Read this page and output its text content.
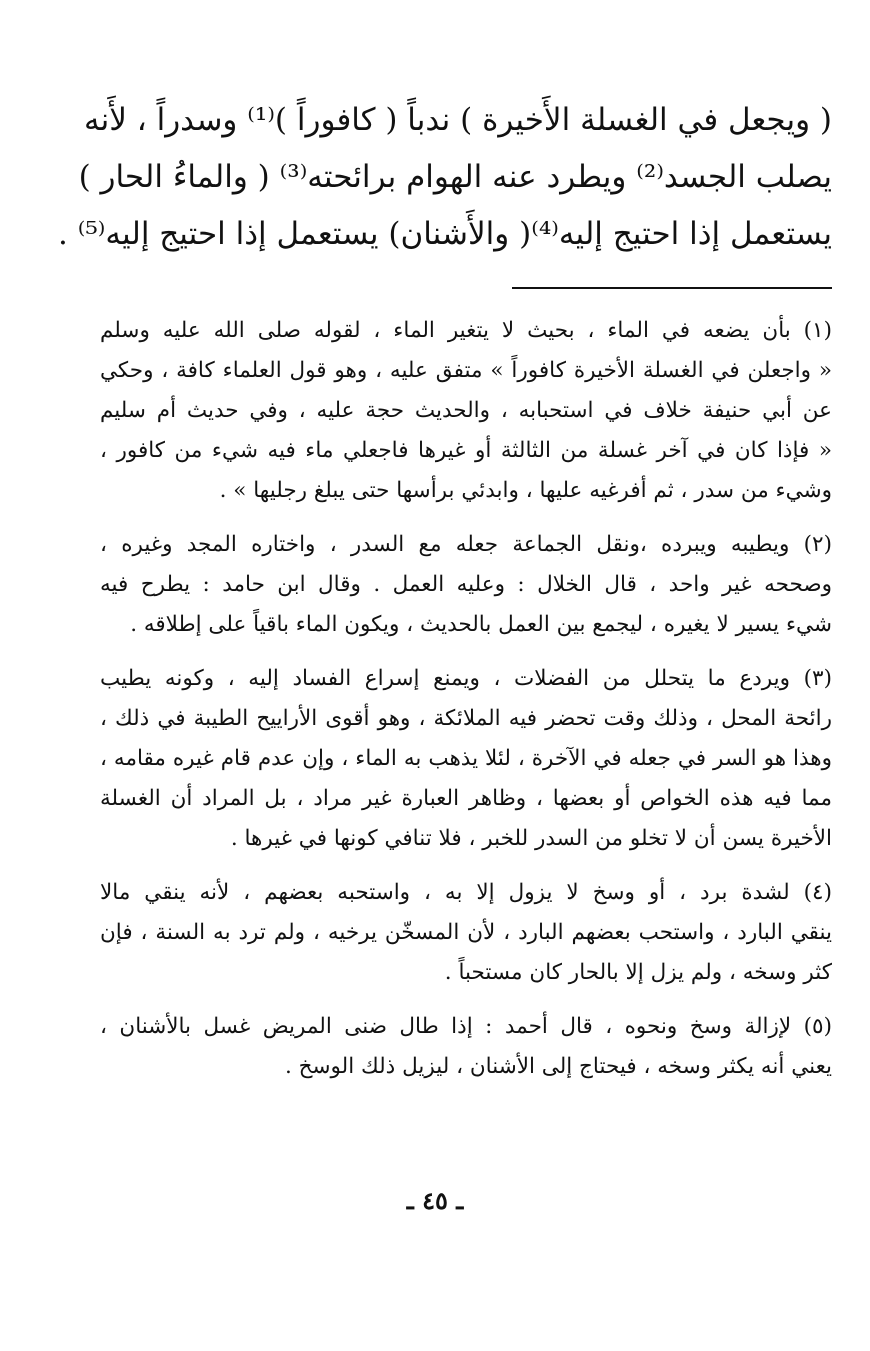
( ويجعل في الغسلة الأَخيرة ) ندباً ( كافوراً )⁽¹⁾ وسدراً ، لأَنه
يصلب الجسد⁽²⁾ ويطرد عنه الهوام برائحته⁽³⁾ ( والماءُ الحار )
يستعمل إذا احتيج إليه⁽⁴⁾( والأَشنان) يستعمل إذا احتيج إليه⁽⁵⁾ .
(١) بأن يضعه في الماء ، بحيث لا يتغير الماء ، لقوله صلى الله عليه وسلم
« واجعلن في الغسلة الأخيرة كافوراً » متفق عليه ، وهو قول العلماء كافة ، وحكي
عن أبي حنيفة خلاف في استحبابه ، والحديث حجة عليه ، وفي حديث أم سليم
« فإذا كان في آخر غسلة من الثالثة أو غيرها فاجعلي ماء فيه شيء من كافور ،
وشيء من سدر ، ثم أفرغيه عليها ، وابدئي برأسها حتى يبلغ رجليها » .
(٢) ويطيبه ويبرده ،ونقل الجماعة جعله مع السدر ، واختاره المجد وغيره ،
وصححه غير واحد ، قال الخلال : وعليه العمل . وقال ابن حامد : يطرح فيه
شيء يسير لا يغيره ، ليجمع بين العمل بالحديث ، ويكون الماء باقياً على إطلاقه .
(٣) ويردع ما يتحلل من الفضلات ، ويمنع إسراع الفساد إليه ، وكونه يطيب
رائحة المحل ، وذلك وقت تحضر فيه الملائكة ، وهو أقوى الأراييح الطيبة في ذلك ،
وهذا هو السر في جعله في الآخرة ، لئلا يذهب به الماء ، وإن عدم قام غيره مقامه ،
مما فيه هذه الخواص أو بعضها ، وظاهر العبارة غير مراد ، بل المراد أن الغسلة
الأخيرة يسن أن لا تخلو من السدر للخبر ، فلا تنافي كونها في غيرها .
(٤) لشدة برد ، أو وسخ لا يزول إلا به ، واستحبه بعضهم ، لأنه ينقي مالا
ينقي البارد ، واستحب بعضهم البارد ، لأن المسخّن يرخيه ، ولم ترد به السنة ، فإن
كثر وسخه ، ولم يزل إلا بالحار كان مستحباً .
(٥) لإزالة وسخ ونحوه ، قال أحمد : إذا طال ضنى المريض غسل بالأشنان ،
يعني أنه يكثر وسخه ، فيحتاج إلى الأشنان ، ليزيل ذلك الوسخ .
ـ ٤٥ ـ
